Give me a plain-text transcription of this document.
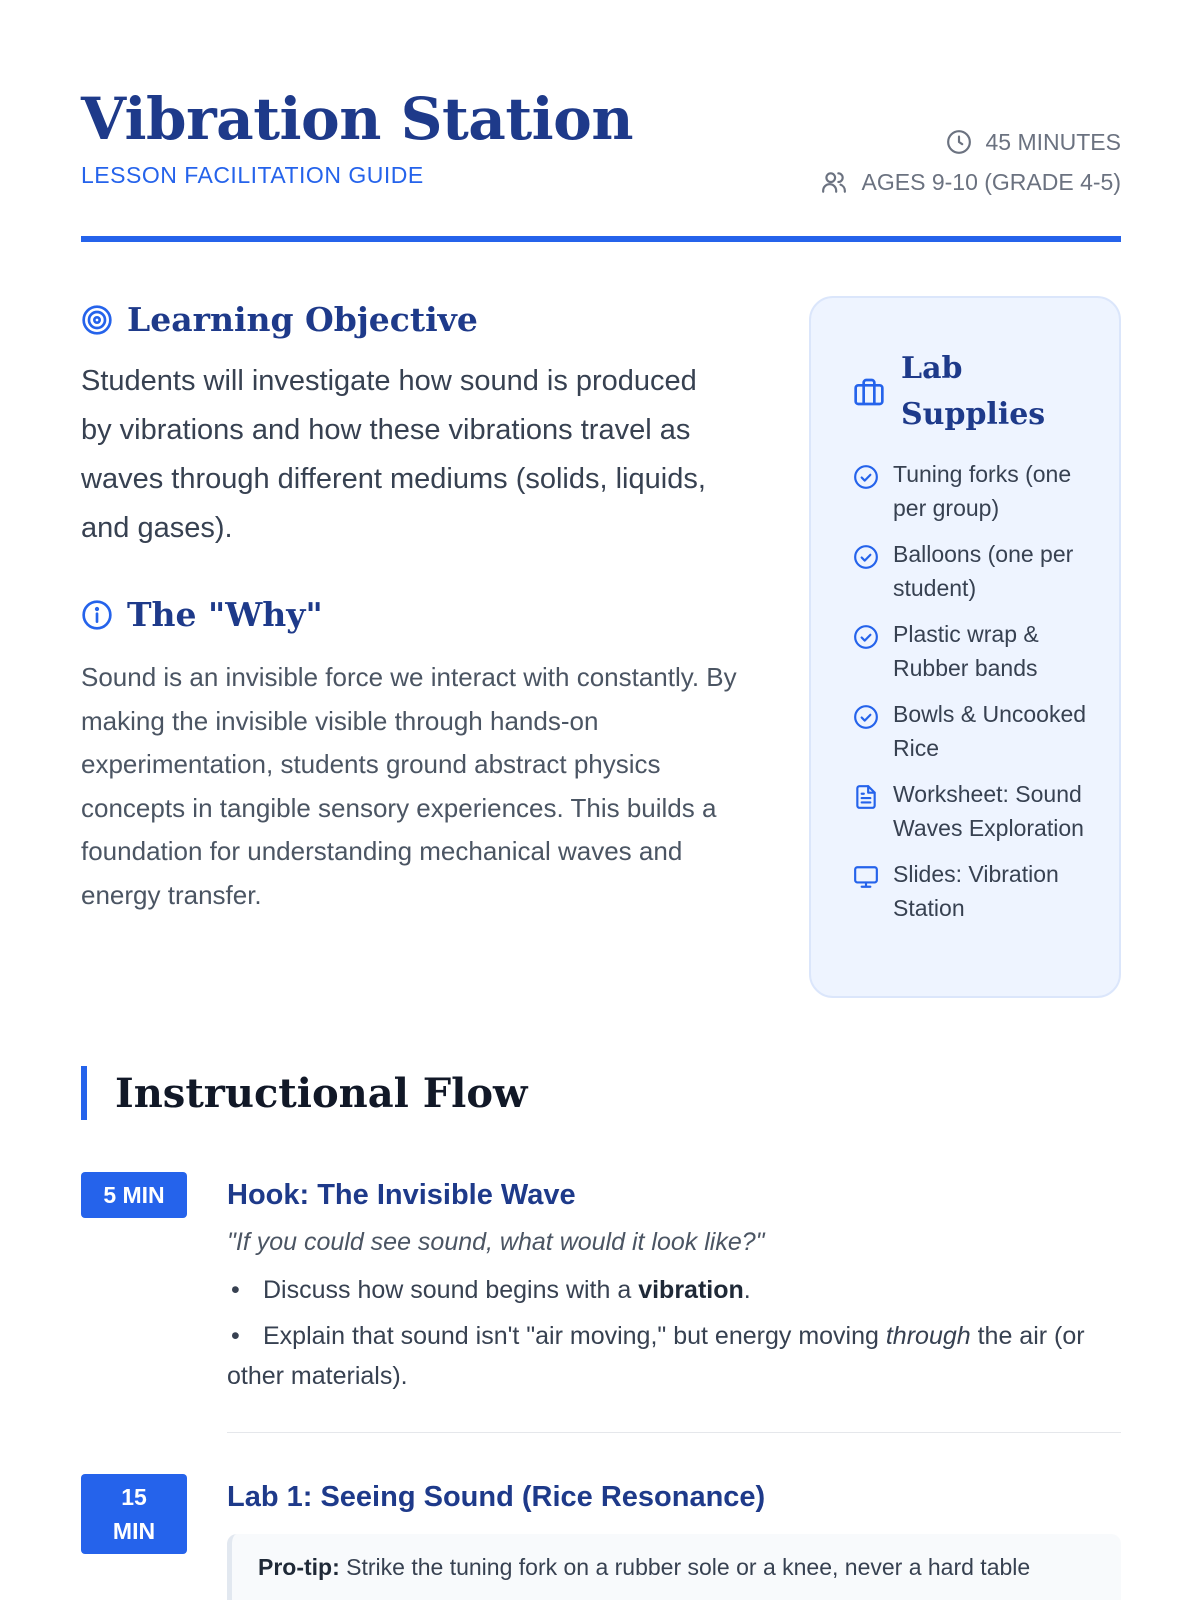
Vibration Station
LESSON FACILITATION GUIDE
45 MINUTES
AGES 9-10 (GRADE 4-5)
Learning Objective

Students will investigate how sound is produced by vibrations and how these vibrations travel as waves through different mediums (solids, liquids, and gases).

The "Why"

Sound is an invisible force we interact with constantly. By making the invisible visible through hands-on experimentation, students ground abstract physics concepts in tangible sensory experiences. This builds a foundation for understanding mechanical waves and energy transfer.

Lab Supplies
Tuning forks (one per group)
Balloons (one per student)
Plastic wrap & Rubber bands
Bowls & Uncooked Rice
Worksheet: Sound Waves Exploration
Slides: Vibration Station
Instructional Flow
5 MIN	Hook: The Invisible Wave
"If you could see sound, what would it look like?"
• Discuss how sound begins with a vibration.
• Explain that sound isn't "air moving," but energy moving through the air (or other materials).
15
MIN
Lab 1: Seeing Sound (Rice Resonance)
Pro-tip: Strike the tuning fork on a rubber sole or a knee, never a hard table
